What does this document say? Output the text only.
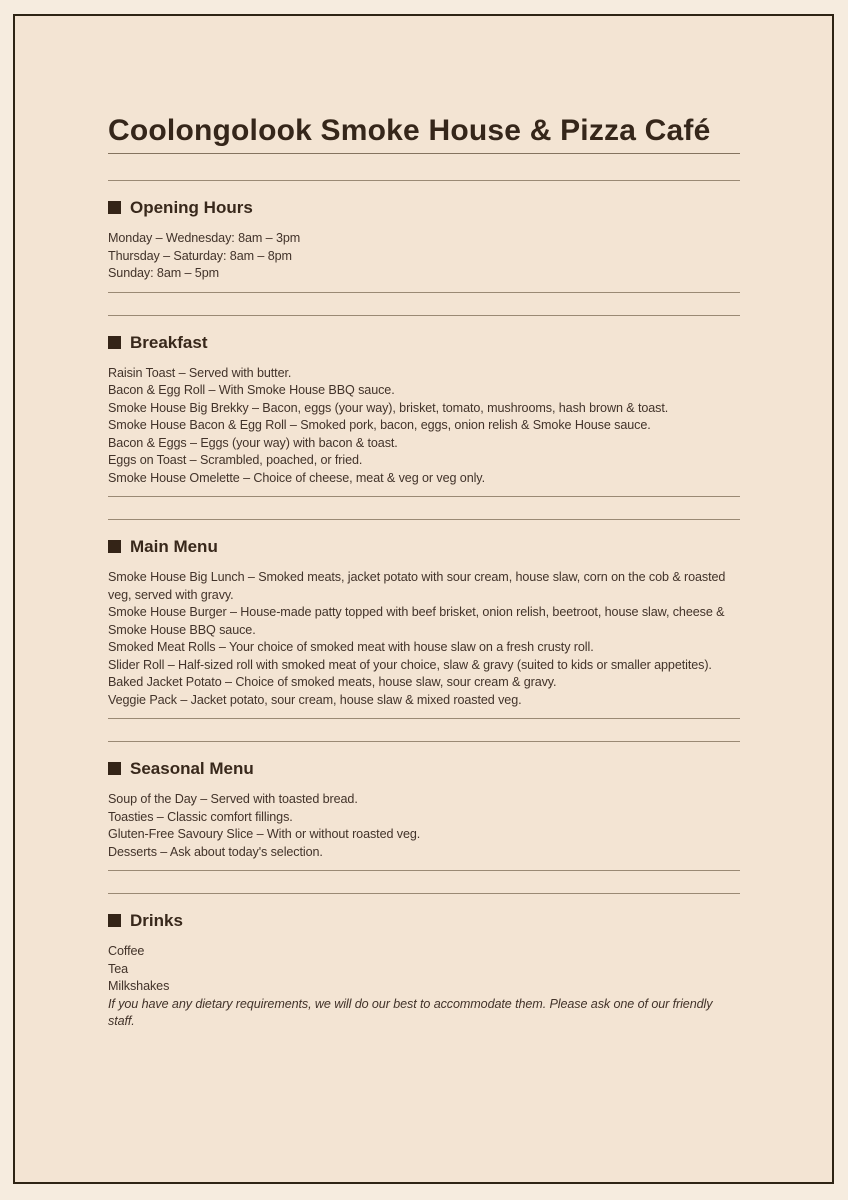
Coolongolook Smoke House & Pizza Café
Opening Hours

Monday – Wednesday: 8am – 3pm

Thursday – Saturday: 8am – 8pm

Sunday: 8am – 5pm

Breakfast

Raisin Toast – Served with butter.

Bacon & Egg Roll – With Smoke House BBQ sauce.

Smoke House Big Brekky – Bacon, eggs (your way), brisket, tomato, mushrooms, hash brown & toast.

Smoke House Bacon & Egg Roll – Smoked pork, bacon, eggs, onion relish & Smoke House sauce.

Bacon & Eggs – Eggs (your way) with bacon & toast.

Eggs on Toast – Scrambled, poached, or fried.

Smoke House Omelette – Choice of cheese, meat & veg or veg only.

Main Menu

Smoke House Big Lunch – Smoked meats, jacket potato with sour cream, house slaw, corn on the cob & roasted veg, served with gravy.

Smoke House Burger – House-made patty topped with beef brisket, onion relish, beetroot, house slaw, cheese & Smoke House BBQ sauce.

Smoked Meat Rolls – Your choice of smoked meat with house slaw on a fresh crusty roll.

Slider Roll – Half-sized roll with smoked meat of your choice, slaw & gravy (suited to kids or smaller appetites).

Baked Jacket Potato – Choice of smoked meats, house slaw, sour cream & gravy.

Veggie Pack – Jacket potato, sour cream, house slaw & mixed roasted veg.

Seasonal Menu

Soup of the Day – Served with toasted bread.

Toasties – Classic comfort fillings.

Gluten-Free Savoury Slice – With or without roasted veg.

Desserts – Ask about today's selection.

Drinks

Coffee

Tea

Milkshakes

If you have any dietary requirements, we will do our best to accommodate them. Please ask one of our friendly staff.
